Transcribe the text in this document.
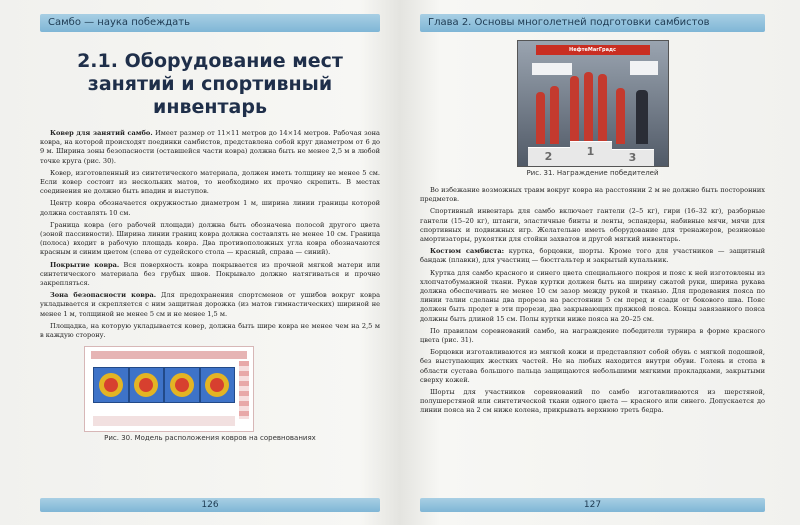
Самбо — наука побеждать
2.1. Оборудование мест занятий и спортивный инвентарь

Ковер для занятий самбо. Имеет размер от 11×11 метров до 14×14 метров. Рабочая зона ковра, на которой происходят поединки самбистов, представлена собой круг диаметром от 6 до 9 м. Ширина зоны безопасности (оставшейся части ковра) должна быть не менее 2,5 м в любой точке круга (рис. 30).

Ковер, изготовленный из синтетического материала, должен иметь толщину не менее 5 см. Если ковер состоит из нескольких матов, то необходимо их прочно скрепить. В местах соединения не должно быть впадин и выступов.

Центр ковра обозначается окружностью диаметром 1 м, ширина линии границы которой должна составлять 10 см.

Граница ковра (его рабочей площади) должна быть обозначена полосой другого цвета (зоной пассивности). Ширина линии границ ковра должна составлять не менее 10 см. Граница (полоса) входит в рабочую площадь ковра. Два противоположных угла ковра обозначаются красным и синим цветом (слева от судейского стола — красный, справа — синий).

Покрытие ковра. Вся поверхность ковра покрывается из прочной мягкой матери или синтетического материала без грубых швов. Покрывало должно натягиваться и прочно закрепляться.

Зона безопасности ковра. Для предохранения спортсменов от ушибов вокруг ковра укладывается и скрепляется с ним защитная дорожка (из матов гимнастических) шириной не менее 1 м, толщиной не менее 5 см и не менее 1,5 м.

Площадка, на которую укладывается ковер, должна быть шире ковра не менее чем на 2,5 м в каждую сторону.

Рис. 30. Модель расположения ковров на соревнованиях
126
Глава 2. Основы многолетней подготовки самбистов
НефтеМагГрадс
2	1	3
Рис. 31. Награждение победителей

Во избежание возможных травм вокруг ковра на расстоянии 2 м не должно быть посторонних предметов.

Спортивный инвентарь для самбо включает гантели (2–5 кг), гири (16–32 кг), разборные гантели (15–20 кг), штанги, эластичные бинты и ленты, эспандеры, набивные мячи, мячи для спортивных и подвижных игр. Желательно иметь оборудование для тренажеров, резиновые амортизаторы, рукоятки для стойки захватов и другой мягкий инвентарь.

Костюм самбиста: куртка, борцовки, шорты. Кроме того для участников — защитный бандаж (плавки), для участниц — бюстгальтер и закрытый купальник.

Куртка для самбо красного и синего цвета специального покроя и пояс к ней изготовлены из хлопчатобумажной ткани. Рукав куртки должен быть на ширину сжатой руки, ширина рукава должна обеспечивать не менее 10 см зазор между рукой и тканью. Для продевания пояса по линии талии сделаны два прореза на расстоянии 5 см перед и сзади от бокового шва. Пояс должен быть продет в эти прорези, два закрывающих пряжкой пояса. Концы завязанного пояса должны быть длиной 15 см. Полы куртки ниже пояса на 20–25 см.

По правилам соревнований самбо, на награждение победители турнира в форме красного цвета (рис. 31).

Борцовки изготавливаются из мягкой кожи и представляют собой обувь с мягкой подошвой, без выступающих жестких частей. Не на любых находится внутри обуви. Голень и стопа в области сустава большого пальца защищаются небольшими мягкими прокладками, закрытыми сверху кожей.

Шорты для участников соревнований по самбо изготавливаются из шерстяной, полушерстяной или синтетической ткани одного цвета — красного или синего. Допускается до линии пояса на 2 см ниже колена, прикрывать верхнюю треть бедра.

127
